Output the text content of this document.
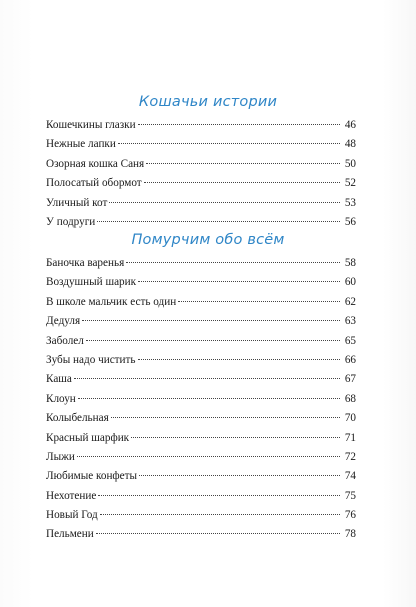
Кошачьи истории
Кошечкины глазки	46
Нежные лапки	48
Озорная кошка Саня	50
Полосатый обормот	52
Уличный кот	53
У подруги	56
Помурчим обо всём
Баночка варенья	58
Воздушный шарик	60
В школе мальчик есть один	62
Дедуля	63
Заболел	65
Зубы надо чистить	66
Каша	67
Клоун	68
Колыбельная	70
Красный шарфик	71
Лыжи	72
Любимые конфеты	74
Нехотение	75
Новый Год	76
Пельмени	78
